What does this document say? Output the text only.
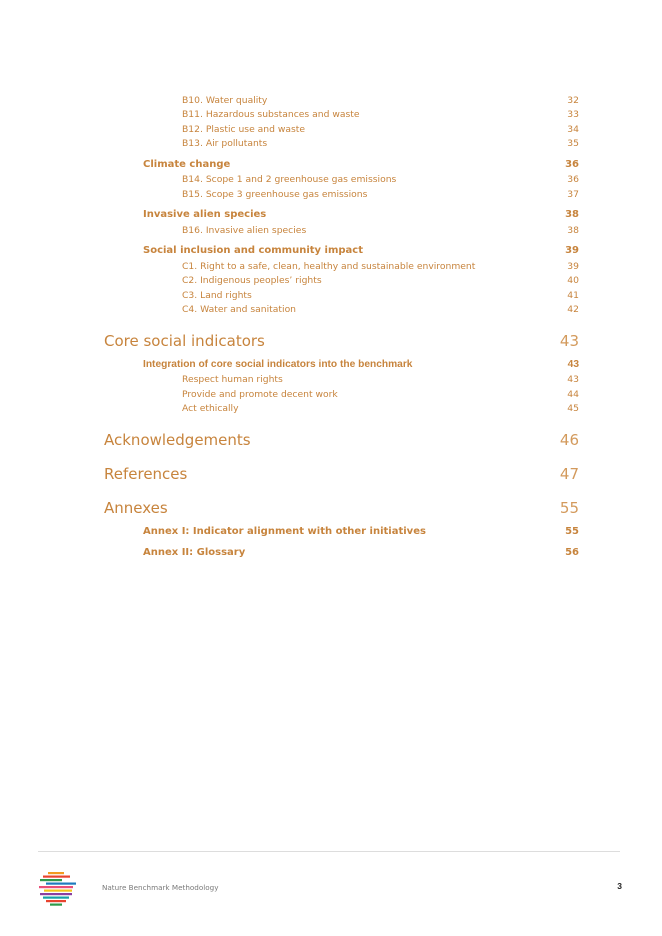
B10. Water quality	32
B11. Hazardous substances and waste	33
B12. Plastic use and waste	34
B13. Air pollutants	35
Climate change	36
B14. Scope 1 and 2 greenhouse gas emissions	36
B15. Scope 3 greenhouse gas emissions	37
Invasive alien species	38
B16. Invasive alien species	38
Social inclusion and community impact	39
C1. Right to a safe, clean, healthy and sustainable environment	39
C2. Indigenous peoples’ rights	40
C3. Land rights	41
C4. Water and sanitation	42
Core social indicators	43
Integration of core social indicators into the benchmark	43
Respect human rights	43
Provide and promote decent work	44
Act ethically	45
Acknowledgements	46
References	47
Annexes	55
Annex I: Indicator alignment with other initiatives	55
Annex II: Glossary	56
Nature Benchmark Methodology	3
